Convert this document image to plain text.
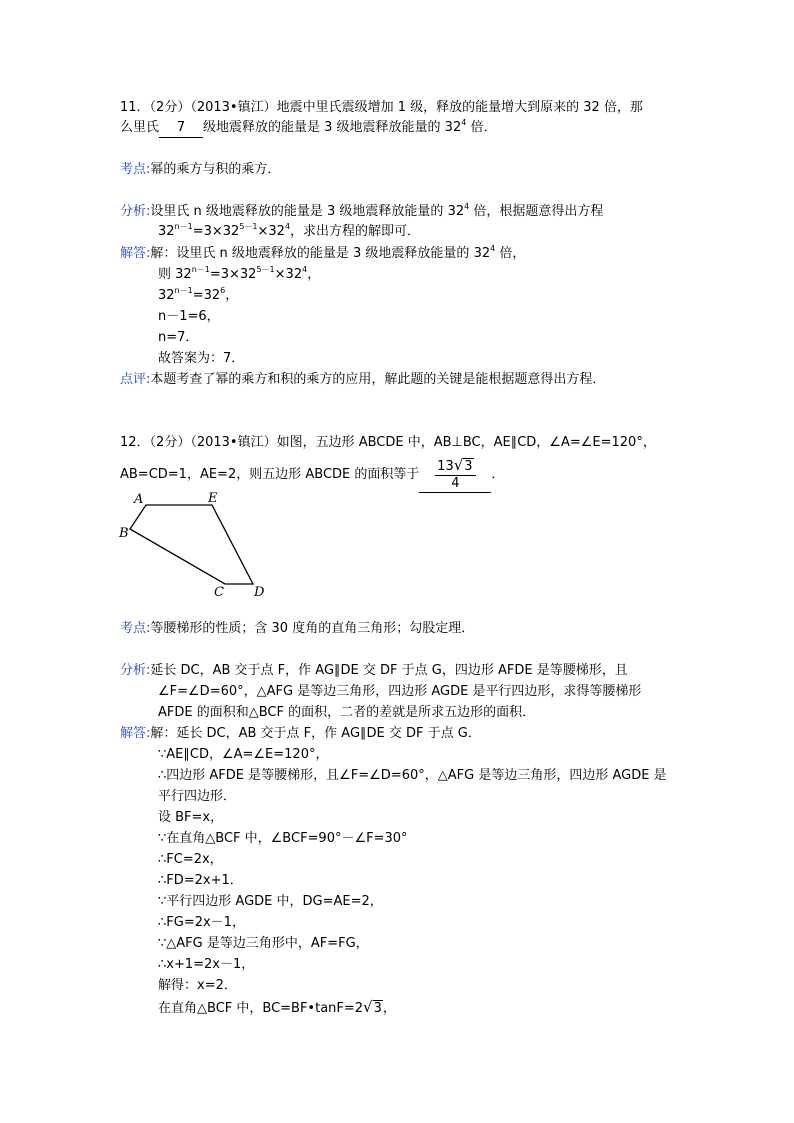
11．（2分）（2013•镇江）地震中里氏震级增加 1 级，释放的能量增大到原来的 32 倍，那
么里氏 7 级地震释放的能量是 3 级地震释放能量的 $32^4$ 倍．
考点:幂的乘方与积的乘方．
分析:设里氏 n 级地震释放的能量是 3 级地震释放能量的 $32^4$ 倍，根据题意得出方程
$32^{n-1}=3\times 32^{5-1}\times 32^4$，求出方程的解即可．
解答:解：设里氏 n 级地震释放的能量是 3 级地震释放能量的 $32^4$ 倍，
则 $32^{n-1}=3\times 32^{5-1}\times 32^4$，
$32^{n-1}=32^6$，
n－1=6，
n=7．
故答案为：7．
点评:本题考查了幂的乘方和积的乘方的应用，解此题的关键是能根据题意得出方程．
12．（2分）（2013•镇江）如图，五边形 ABCDE 中，AB⊥BC，AE∥CD，∠A=∠E=120°，
AB=CD=1，AE=2，则五边形 ABCDE 的面积等于 $\frac{13√3}{4}$ ．
A	E
B
C D
考点:等腰梯形的性质；含 30 度角的直角三角形；勾股定理．
分析:延长 DC，AB 交于点 F，作 AG∥DE 交 DF 于点 G，四边形 AFDE 是等腰梯形，且
∠F=∠D=60°，△AFG 是等边三角形，四边形 AGDE 是平行四边形，求得等腰梯形
AFDE 的面积和△BCF 的面积，二者的差就是所求五边形的面积．
解答:解：延长 DC，AB 交于点 F，作 AG∥DE 交 DF 于点 G．
∵AE∥CD，∠A=∠E=120°，
∴四边形 AFDE 是等腰梯形，且∠F=∠D=60°，△AFG 是等边三角形，四边形 AGDE 是
平行四边形．
设 BF=x，
∵在直角△BCF 中，∠BCF=90°－∠F=30°
∴FC=2x，
∴FD=2x+1．
∵平行四边形 AGDE 中，DG=AE=2，
∴FG=2x－1，
∵△AFG 是等边三角形中，AF=FG，
∴x+1=2x－1，
解得：x=2．
在直角△BCF 中，BC=BF•tanF=2√3，
